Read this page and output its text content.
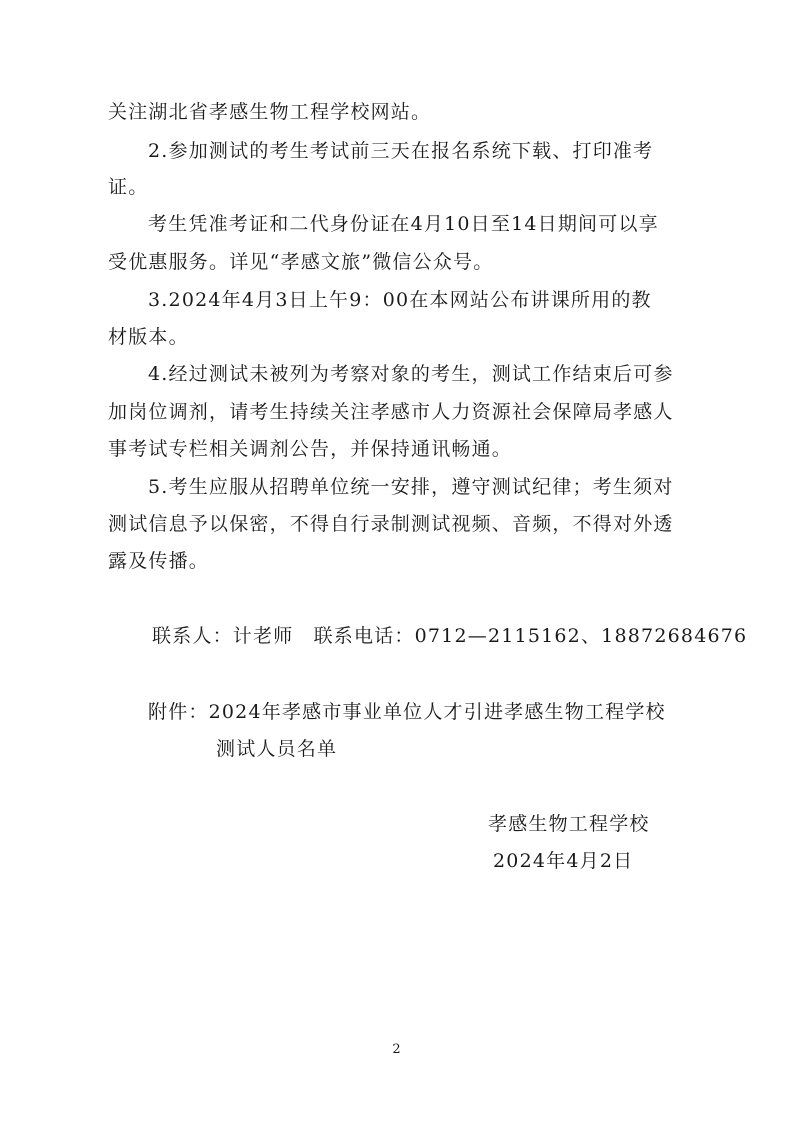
关注湖北省孝感生物工程学校网站。
2.参加测试的考生考试前三天在报名系统下载、打印准考
证。
考生凭准考证和二代身份证在4月10日至14日期间可以享
受优惠服务。详见“孝感文旅”微信公众号。
3.2024年4月3日上午9：00在本网站公布讲课所用的教
材版本。
4.经过测试未被列为考察对象的考生，测试工作结束后可参
加岗位调剂，请考生持续关注孝感市人力资源社会保障局孝感人
事考试专栏相关调剂公告，并保持通讯畅通。
5.考生应服从招聘单位统一安排，遵守测试纪律；考生须对
测试信息予以保密，不得自行录制测试视频、音频，不得对外透
露及传播。
联系人：计老师　联系电话：0712—2115162、18872684676
附件：2024年孝感市事业单位人才引进孝感生物工程学校
测试人员名单
孝感生物工程学校
2024年4月2日
2
